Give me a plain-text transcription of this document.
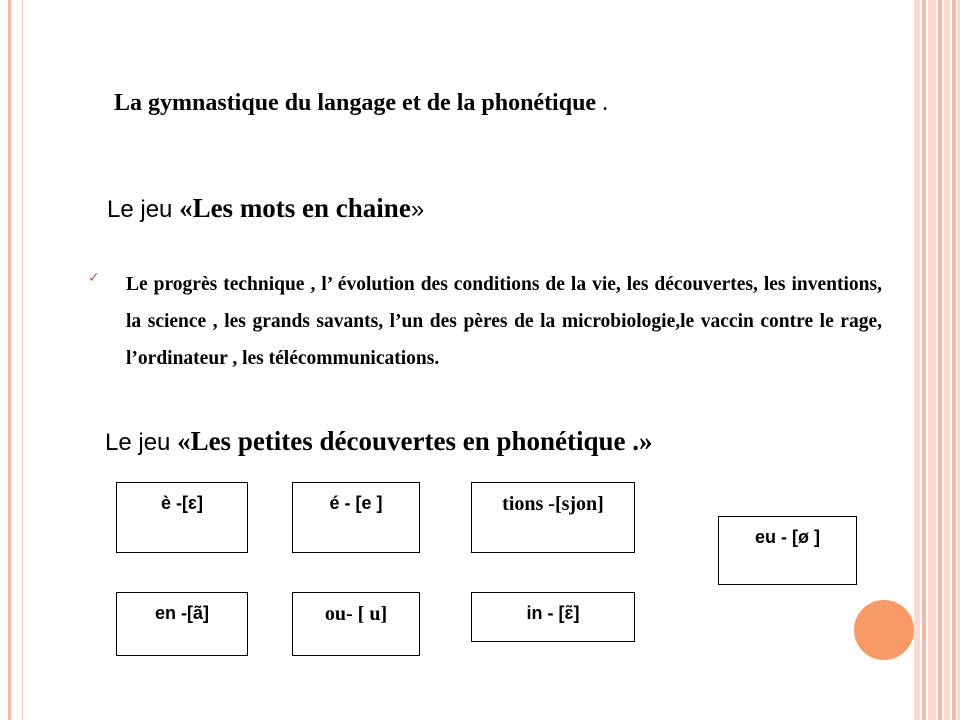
La gymnastique du langage et de la phonétique .
Le jeu «Les mots en chaine»
✓ Le progrès technique , l’ évolution des conditions de la vie, les découvertes, les inventions, la science , les grands savants, l’un des pères de la microbiologie,le vaccin contre le rage, l’ordinateur , les télécommunications.
Le jeu «Les petites découvertes en phonétique .»
è -[ɛ]	é - [e ]	tions -[sjon]
eu - [ø ]
en -[ã]	ou- [ u]	in - [ɛ̃]
